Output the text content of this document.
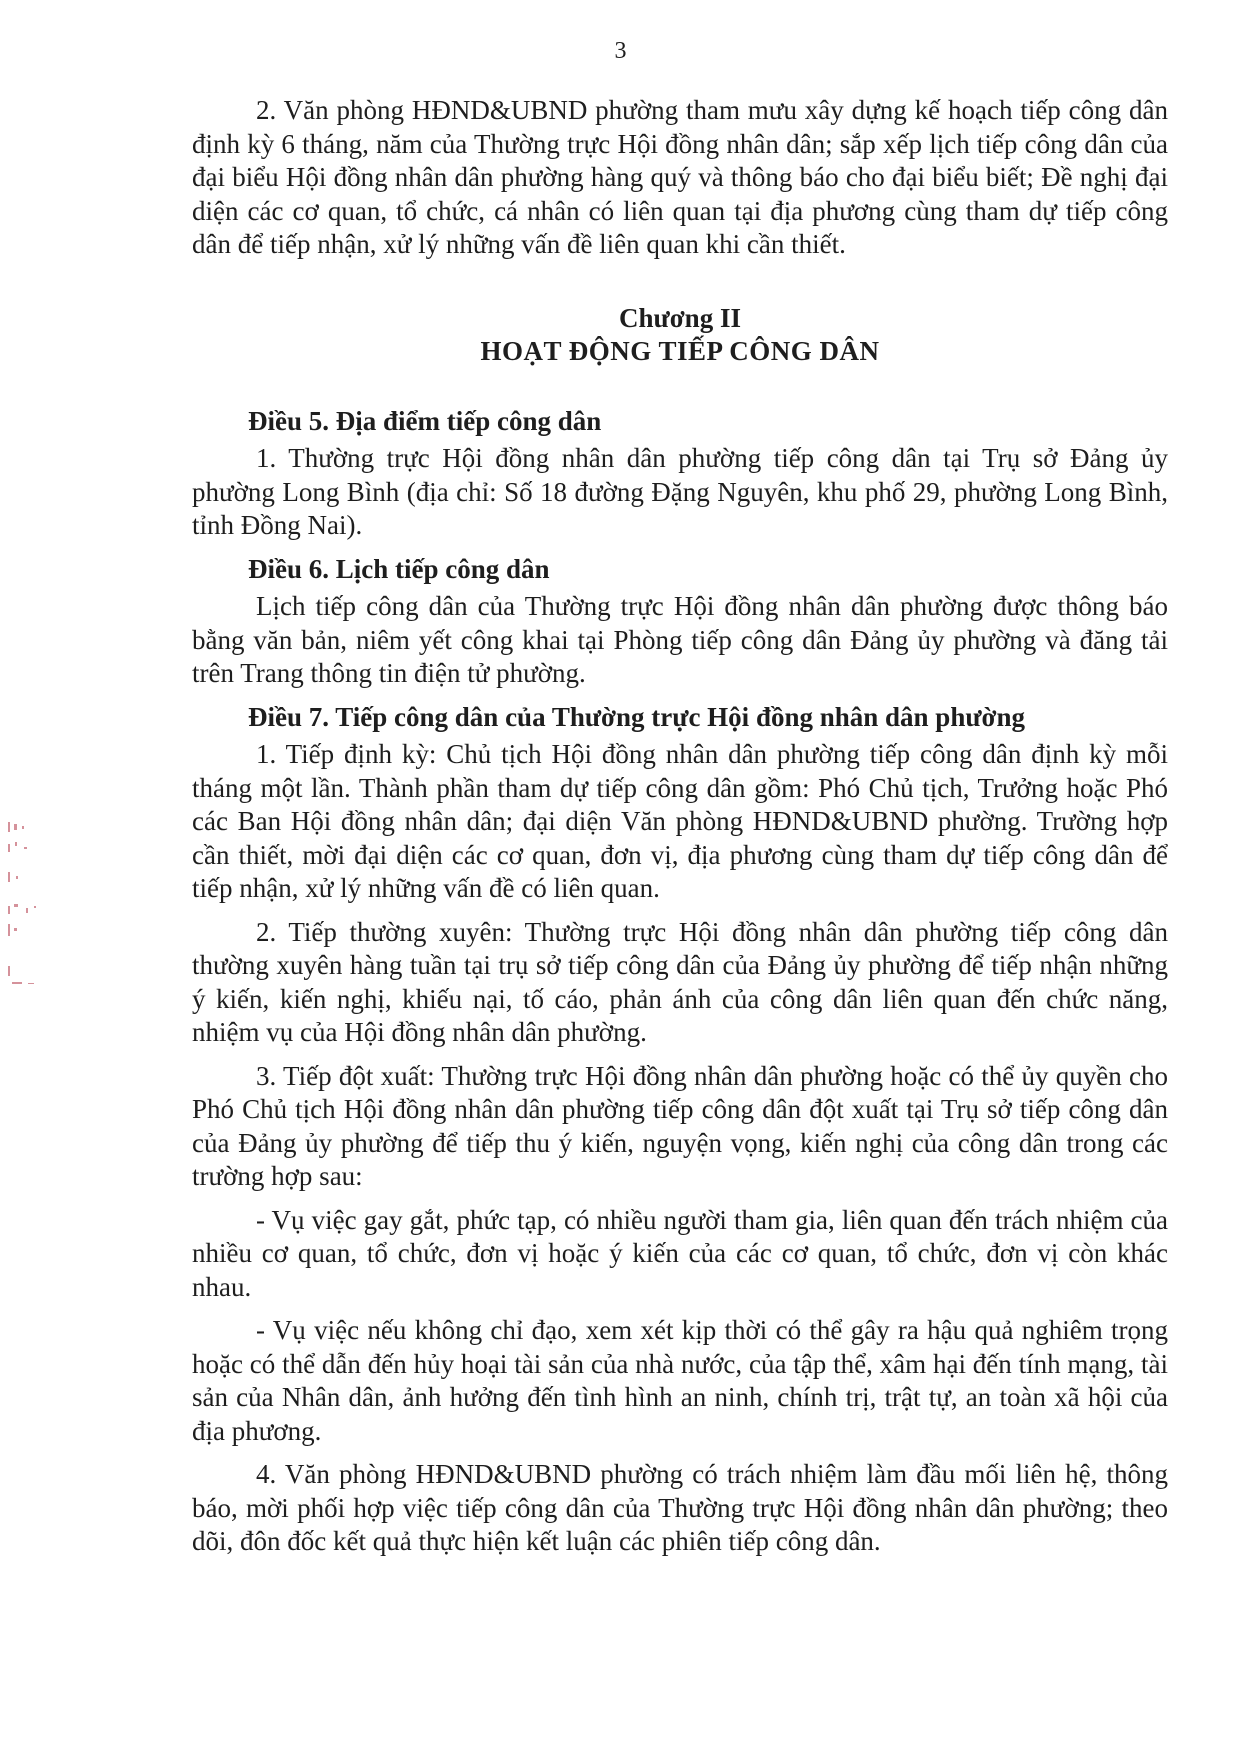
3

2. Văn phòng HĐND&UBND phường tham mưu xây dựng kế hoạch tiếp công dân định kỳ 6 tháng, năm của Thường trực Hội đồng nhân dân; sắp xếp lịch tiếp công dân của đại biểu Hội đồng nhân dân phường hàng quý và thông báo cho đại biểu biết; Đề nghị đại diện các cơ quan, tổ chức, cá nhân có liên quan tại địa phương cùng tham dự tiếp công dân để tiếp nhận, xử lý những vấn đề liên quan khi cần thiết.

Chương II

HOẠT ĐỘNG TIẾP CÔNG DÂN

Điều 5. Địa điểm tiếp công dân

1. Thường trực Hội đồng nhân dân phường tiếp công dân tại Trụ sở Đảng ủy phường Long Bình (địa chỉ: Số 18 đường Đặng Nguyên, khu phố 29, phường Long Bình, tỉnh Đồng Nai).

Điều 6. Lịch tiếp công dân

Lịch tiếp công dân của Thường trực Hội đồng nhân dân phường được thông báo bằng văn bản, niêm yết công khai tại Phòng tiếp công dân Đảng ủy phường và đăng tải trên Trang thông tin điện tử phường.

Điều 7. Tiếp công dân của Thường trực Hội đồng nhân dân phường

1. Tiếp định kỳ: Chủ tịch Hội đồng nhân dân phường tiếp công dân định kỳ mỗi tháng một lần. Thành phần tham dự tiếp công dân gồm: Phó Chủ tịch, Trưởng hoặc Phó các Ban Hội đồng nhân dân; đại diện Văn phòng HĐND&UBND phường. Trường hợp cần thiết, mời đại diện các cơ quan, đơn vị, địa phương cùng tham dự tiếp công dân để tiếp nhận, xử lý những vấn đề có liên quan.

2. Tiếp thường xuyên: Thường trực Hội đồng nhân dân phường tiếp công dân thường xuyên hàng tuần tại trụ sở tiếp công dân của Đảng ủy phường để tiếp nhận những ý kiến, kiến nghị, khiếu nại, tố cáo, phản ánh của công dân liên quan đến chức năng, nhiệm vụ của Hội đồng nhân dân phường.

3. Tiếp đột xuất: Thường trực Hội đồng nhân dân phường hoặc có thể ủy quyền cho Phó Chủ tịch Hội đồng nhân dân phường tiếp công dân đột xuất tại Trụ sở tiếp công dân của Đảng ủy phường để tiếp thu ý kiến, nguyện vọng, kiến nghị của công dân trong các trường hợp sau:

- Vụ việc gay gắt, phức tạp, có nhiều người tham gia, liên quan đến trách nhiệm của nhiều cơ quan, tổ chức, đơn vị hoặc ý kiến của các cơ quan, tổ chức, đơn vị còn khác nhau.

- Vụ việc nếu không chỉ đạo, xem xét kịp thời có thể gây ra hậu quả nghiêm trọng hoặc có thể dẫn đến hủy hoại tài sản của nhà nước, của tập thể, xâm hại đến tính mạng, tài sản của Nhân dân, ảnh hưởng đến tình hình an ninh, chính trị, trật tự, an toàn xã hội của địa phương.

4. Văn phòng HĐND&UBND phường có trách nhiệm làm đầu mối liên hệ, thông báo, mời phối hợp việc tiếp công dân của Thường trực Hội đồng nhân dân phường; theo dõi, đôn đốc kết quả thực hiện kết luận các phiên tiếp công dân.
